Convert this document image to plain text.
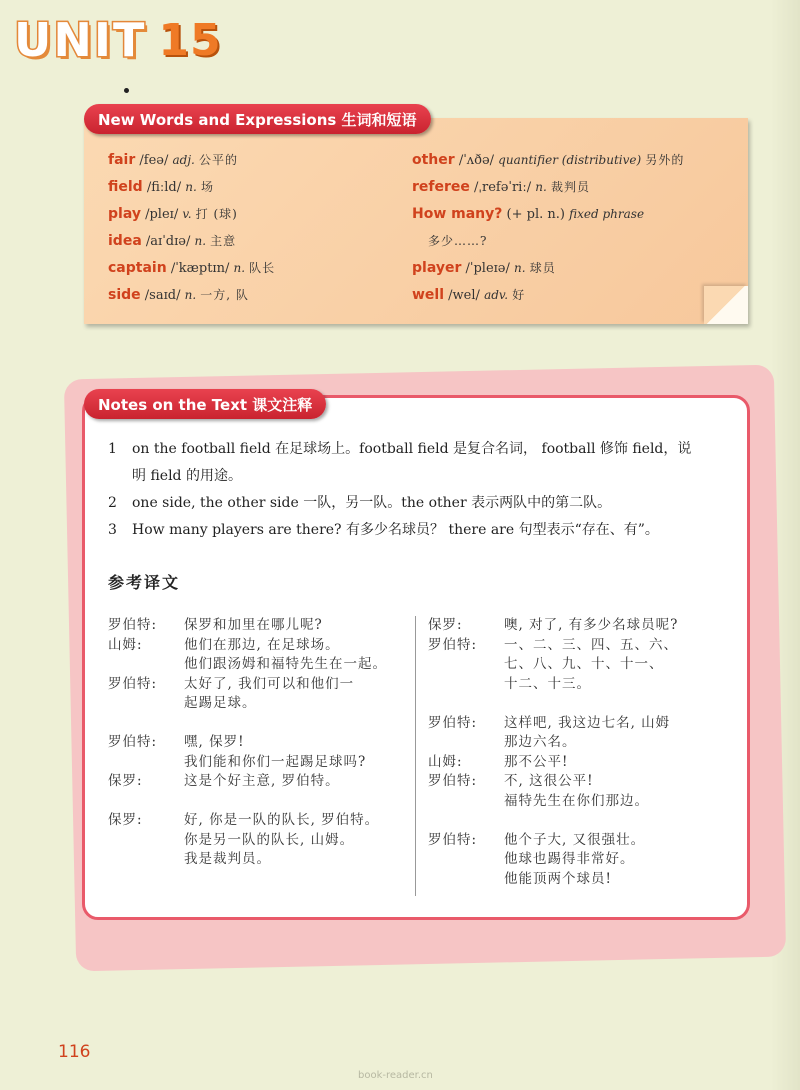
UNIT 15
New Words and Expressions 生词和短语
fair /feə/ adj. 公平的
field /fiːld/ n. 场
play /pleɪ/ v. 打 (球)
idea /aɪˈdɪə/ n. 主意
captain /ˈkæptɪn/ n. 队长
side /saɪd/ n. 一方, 队
other /ˈʌðə/ quantifier (distributive) 另外的
referee /ˌrefəˈriː/ n. 裁判员
How many? (+ pl. n.) fixed phrase
多少……?
player /ˈpleɪə/ n. 球员
well /wel/ adv. 好
Notes on the Text 课文注释
1 on the football field 在足球场上。football field 是复合名词， football 修饰 field，说
明 field 的用途。
2 one side, the other side 一队，另一队。the other 表示两队中的第二队。
3 How many players are there? 有多少名球员？ there are 句型表示“存在、有”。
参考译文
罗伯特:	保罗和加里在哪儿呢?
山姆:	他们在那边, 在足球场。
他们跟汤姆和福特先生在一起。
罗伯特:	太好了, 我们可以和他们一
起踢足球。
罗伯特:	嘿, 保罗!
我们能和你们一起踢足球吗?
保罗:	这是个好主意, 罗伯特。
保罗:	好, 你是一队的队长, 罗伯特。
你是另一队的队长, 山姆。
我是裁判员。
保罗:	噢, 对了, 有多少名球员呢?
罗伯特:	一、二、三、四、五、六、
七、八、九、十、十一、
十二、十三。
罗伯特:	这样吧, 我这边七名, 山姆
那边六名。
山姆:	那不公平!
罗伯特:	不, 这很公平!
福特先生在你们那边。
罗伯特:	他个子大, 又很强壮。
他球也踢得非常好。
他能顶两个球员!
116
book-reader.cn
